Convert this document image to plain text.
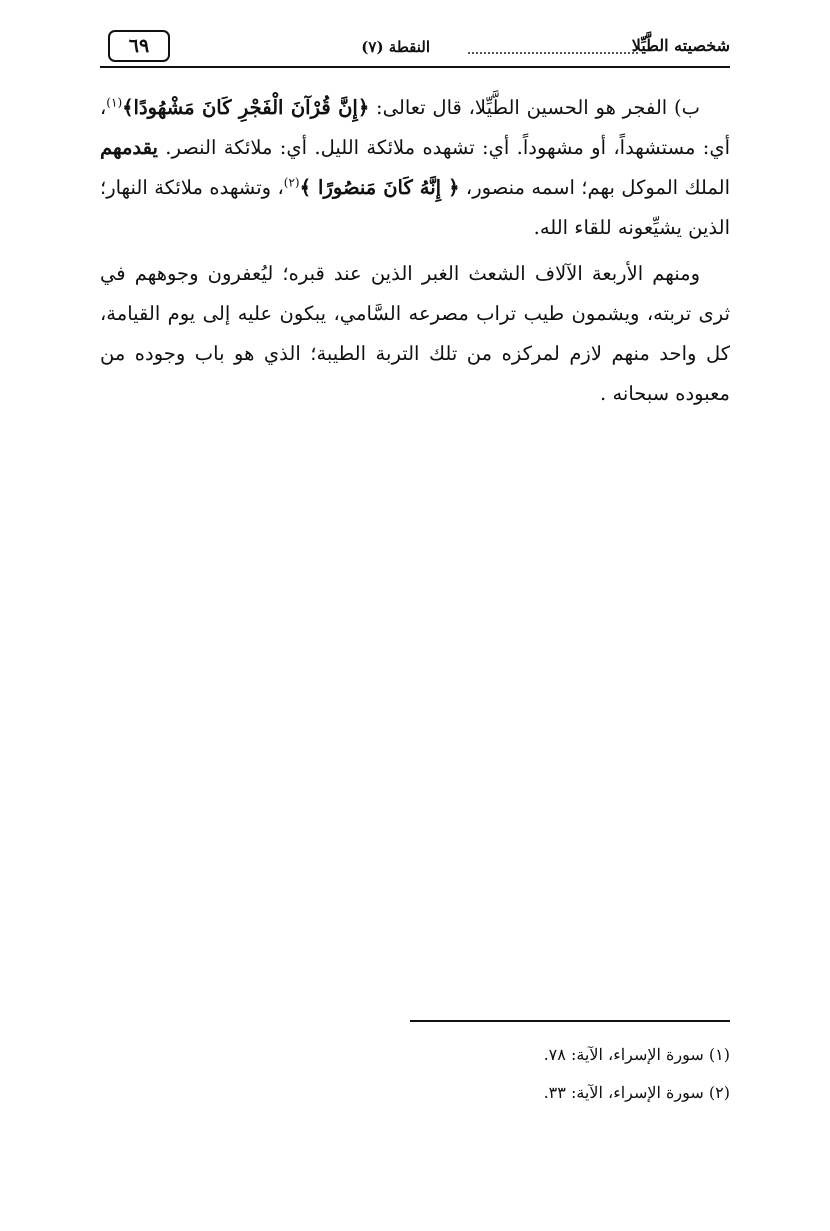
شخصيته الطَّيِّلا
النقطة (٧)
٦٩

ب) الفجر هو الحسين الطَّيِّلا، قال تعالى: ﴿إِنَّ قُرْآنَ الْفَجْرِ كَانَ مَشْهُودًا﴾$^{(١)}$، أي: مستشهداً، أو مشهوداً. أي: تشهده ملائكة الليل. أي: ملائكة النصر. يقدمهم الملك الموكل بهم؛ اسمه منصور، ﴿ إِنَّهُ كَانَ مَنصُورًا ﴾$^{(٢)}$، وتشهده ملائكة النهار؛ الذين يشيِّعونه للقاء الله.

ومنهم الأربعة الآلاف الشعث الغبر الذين عند قبره؛ ليُعفرون وجوههم في ثرى تربته، ويشمون طيب تراب مصرعه السَّامي، يبكون عليه إلى يوم القيامة، كل واحد منهم لازم لمركزه من تلك التربة الطيبة؛ الذي هو باب وجوده من معبوده سبحانه .

(١) سورة الإسراء، الآية: ٧٨.

(٢) سورة الإسراء، الآية: ٣٣.
